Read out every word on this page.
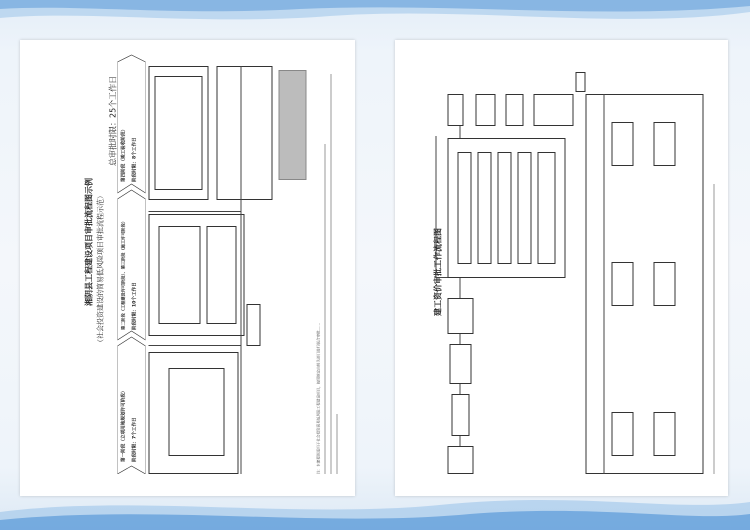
湘阴县工程建设项目审批流程图示例 （社会投资建设的简易低风险项目审批流程示范）
总审批时限：25个工作日
第一阶段（立项用地规划许可阶段） 阶段时限：7个工作日
第二阶段（工程建设许可阶段）、第三阶段（施工许可阶段） 阶段时限：10个工作日
第四阶段（竣工验收阶段） 阶段时限：8个工作日
注：本流程图适用于社会投资简易低风险工程建设项目，按照规定由相关部门进行联合审批……
建工资价审批工作流程图
